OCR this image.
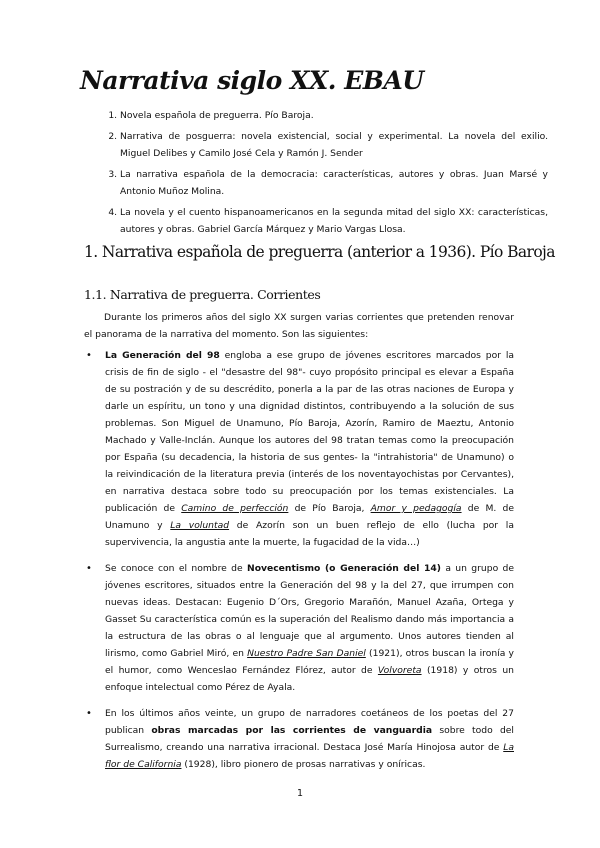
Narrativa siglo XX. EBAU
1. Novela española de preguerra. Pío Baroja.
2. Narrativa de posguerra: novela existencial, social y experimental. La novela del exilio. Miguel Delibes y Camilo José Cela y Ramón J. Sender
3. La narrativa española de la democracia: características, autores y obras. Juan Marsé y Antonio Muñoz Molina.
4. La novela y el cuento hispanoamericanos en la segunda mitad del siglo XX: características, autores y obras. Gabriel García Márquez y Mario Vargas Llosa.
1. Narrativa española de preguerra (anterior a 1936). Pío Baroja
1.1. Narrativa de preguerra. Corrientes

Durante los primeros años del siglo XX surgen varias corrientes que pretenden renovar el panorama de la narrativa del momento. Son las siguientes:

• La Generación del 98 engloba a ese grupo de jóvenes escritores marcados por la crisis de fin de siglo - el "desastre del 98"- cuyo propósito principal es elevar a España de su postración y de su descrédito, ponerla a la par de las otras naciones de Europa y darle un espíritu, un tono y una dignidad distintos, contribuyendo a la solución de sus problemas. Son Miguel de Unamuno, Pío Baroja, Azorín, Ramiro de Maeztu, Antonio Machado y Valle-Inclán. Aunque los autores del 98 tratan temas como la preocupación por España (su decadencia, la historia de sus gentes- la "intrahistoria" de Unamuno) o la reivindicación de la literatura previa (interés de los noventayochistas por Cervantes), en narrativa destaca sobre todo su preocupación por los temas existenciales. La publicación de Camino de perfección de Pío Baroja, Amor y pedagogía de M. de Unamuno y La voluntad de Azorín son un buen reflejo de ello (lucha por la supervivencia, la angustia ante la muerte, la fugacidad de la vida…)
• Se conoce con el nombre de Novecentismo (o Generación del 14) a un grupo de jóvenes escritores, situados entre la Generación del 98 y la del 27, que irrumpen con nuevas ideas. Destacan: Eugenio D´Ors, Gregorio Marañón, Manuel Azaña, Ortega y Gasset Su característica común es la superación del Realismo dando más importancia a la estructura de las obras o al lenguaje que al argumento. Unos autores tienden al lirismo, como Gabriel Miró, en Nuestro Padre San Daniel (1921), otros buscan la ironía y el humor, como Wenceslao Fernández Flórez, autor de Volvoreta (1918) y otros un enfoque intelectual como Pérez de Ayala.
• En los últimos años veinte, un grupo de narradores coetáneos de los poetas del 27 publican obras marcadas por las corrientes de vanguardia sobre todo del Surrealismo, creando una narrativa irracional. Destaca José María Hinojosa autor de La flor de California (1928), libro pionero de prosas narrativas y oníricas.
1
